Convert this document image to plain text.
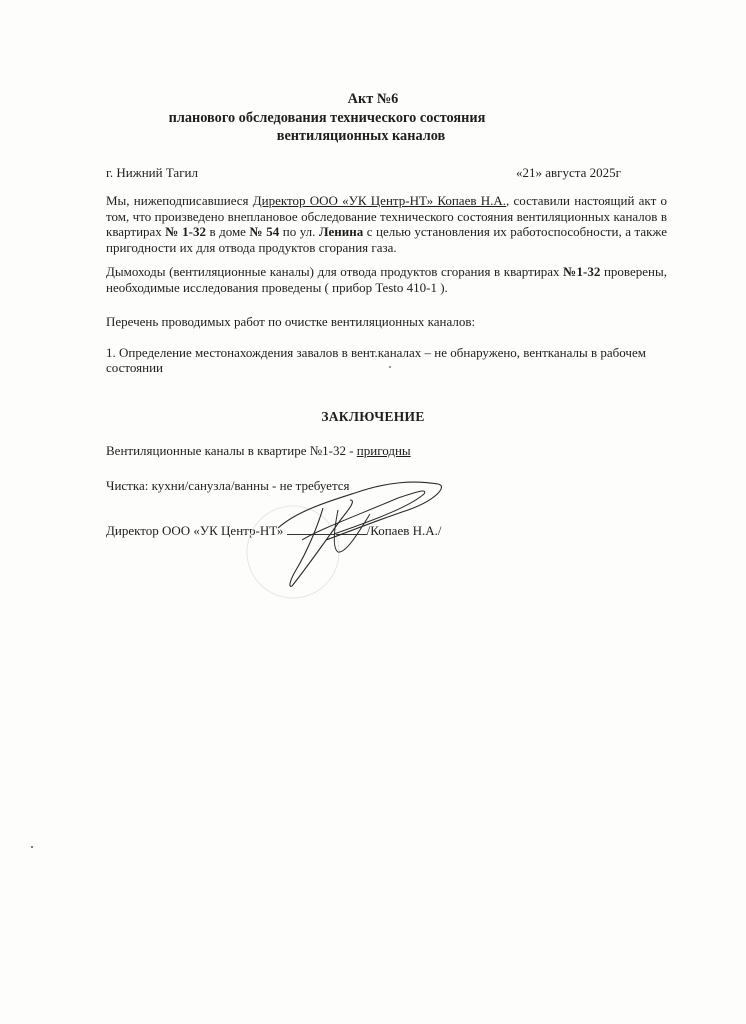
Акт №6
планового обследования технического состояния
вентиляционных каналов
г. Нижний Тагил	«21» августа 2025г
Мы, нижеподписавшиеся Директор ООО «УК Центр-НТ» Копаев Н.А., составили настоящий акт о том, что произведено внеплановое обследование технического состояния вентиляционных каналов в квартирах № 1-32 в доме № 54 по ул. Ленина с целью установления их работоспособности, а также пригодности их для отвода продуктов сгорания газа.
Дымоходы (вентиляционные каналы) для отвода продуктов сгорания в квартирах №1-32 проверены, необходимые исследования проведены ( прибор Testo 410-1 ).
Перечень проводимых работ по очистке вентиляционных каналов:
1. Определение местонахождения завалов в вент.каналах – не обнаружено, вентканалы в рабочем состоянии
ЗАКЛЮЧЕНИЕ
Вентиляционные каналы в квартире №1-32 - пригодны
Чистка: кухни/санузла/ванны - не требуется
Директор ООО «УК Центр-НТ»	/Копаев Н.А./
